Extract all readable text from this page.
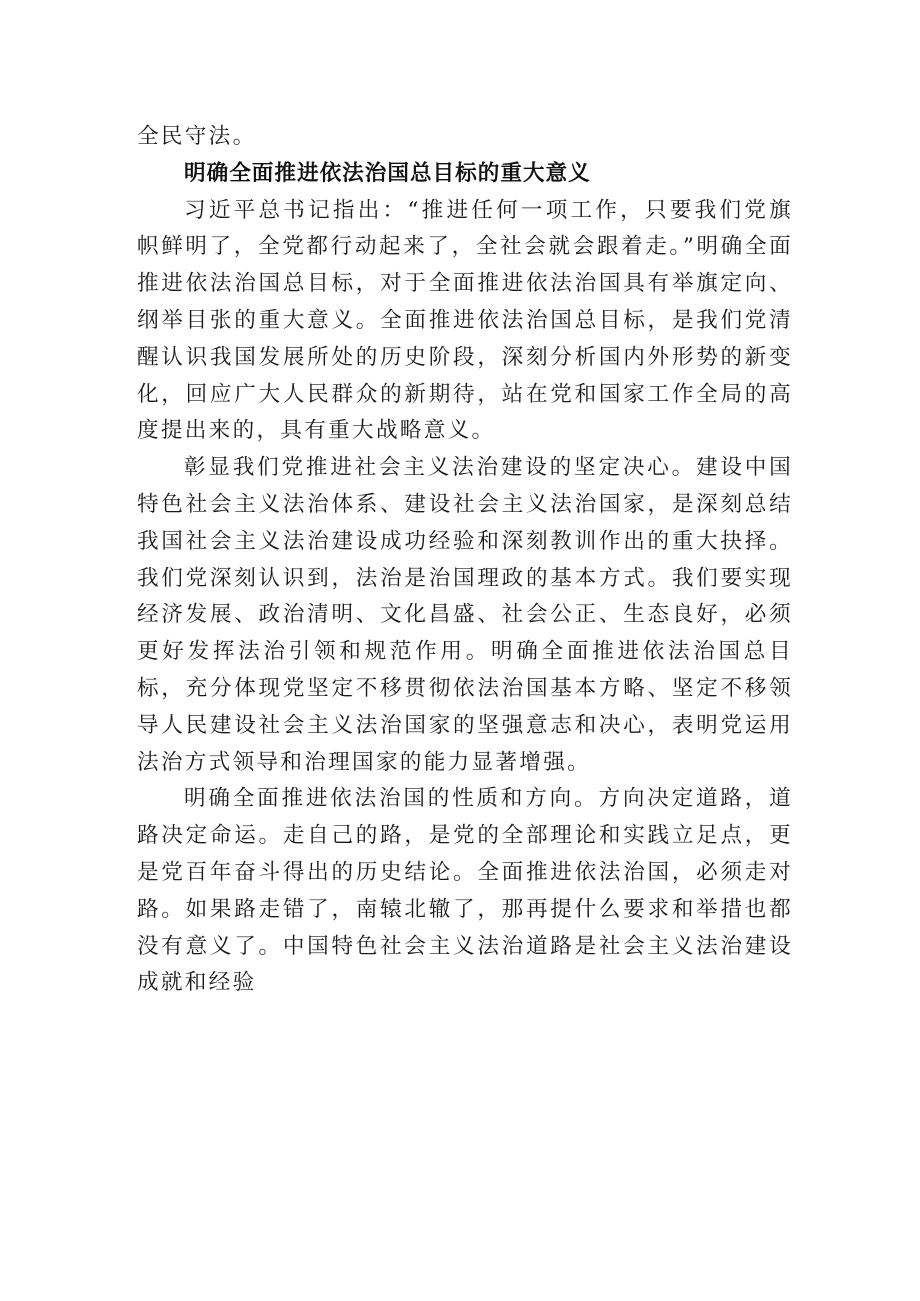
全民守法。

明确全面推进依法治国总目标的重大意义

习近平总书记指出：“推进任何一项工作，只要我们党旗帜鲜明了，全党都行动起来了，全社会就会跟着走。”明确全面推进依法治国总目标，对于全面推进依法治国具有举旗定向、纲举目张的重大意义。全面推进依法治国总目标，是我们党清醒认识我国发展所处的历史阶段，深刻分析国内外形势的新变化，回应广大人民群众的新期待，站在党和国家工作全局的高度提出来的，具有重大战略意义。

彰显我们党推进社会主义法治建设的坚定决心。建设中国特色社会主义法治体系、建设社会主义法治国家，是深刻总结我国社会主义法治建设成功经验和深刻教训作出的重大抉择。我们党深刻认识到，法治是治国理政的基本方式。我们要实现经济发展、政治清明、文化昌盛、社会公正、生态良好，必须更好发挥法治引领和规范作用。明确全面推进依法治国总目标，充分体现党坚定不移贯彻依法治国基本方略、坚定不移领导人民建设社会主义法治国家的坚强意志和决心，表明党运用法治方式领导和治理国家的能力显著增强。

明确全面推进依法治国的性质和方向。方向决定道路，道路决定命运。走自己的路，是党的全部理论和实践立足点，更是党百年奋斗得出的历史结论。全面推进依法治国，必须走对路。如果路走错了，南辕北辙了，那再提什么要求和举措也都没有意义了。中国特色社会主义法治道路是社会主义法治建设成就和经验
